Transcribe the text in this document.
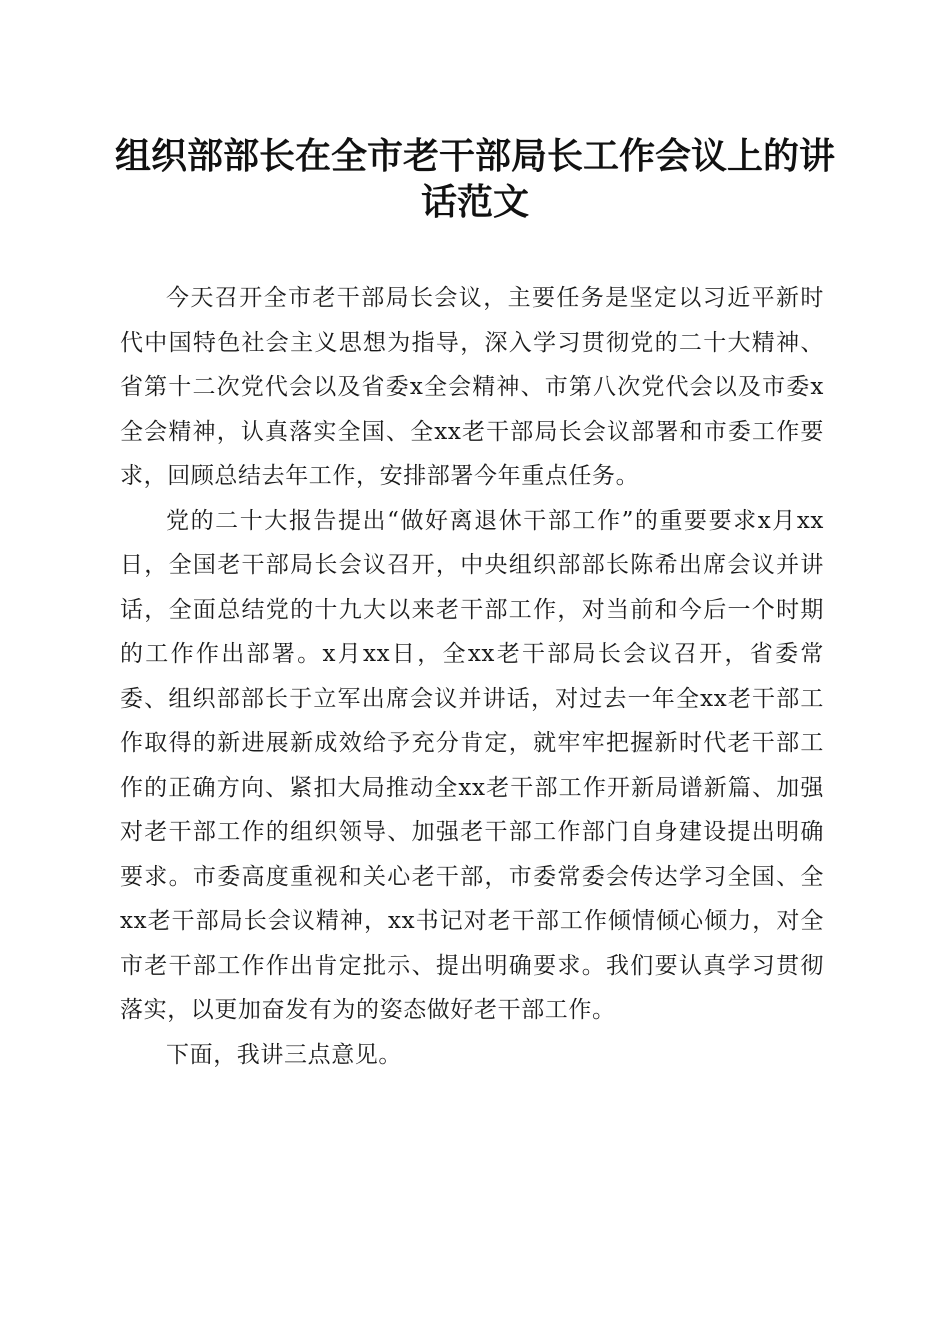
组织部部长在全市老干部局长工作会议上的讲话范文

今天召开全市老干部局长会议，主要任务是坚定以习近平新时代中国特色社会主义思想为指导，深入学习贯彻党的二十大精神、省第十二次党代会以及省委x全会精神、市第八次党代会以及市委x全会精神，认真落实全国、全xx老干部局长会议部署和市委工作要求，回顾总结去年工作，安排部署今年重点任务。

党的二十大报告提出“做好离退休干部工作”的重要要求x月xx日，全国老干部局长会议召开，中央组织部部长陈希出席会议并讲话，全面总结党的十九大以来老干部工作，对当前和今后一个时期的工作作出部署。x月xx日，全xx老干部局长会议召开，省委常委、组织部部长于立军出席会议并讲话，对过去一年全xx老干部工作取得的新进展新成效给予充分肯定，就牢牢把握新时代老干部工作的正确方向、紧扣大局推动全xx老干部工作开新局谱新篇、加强对老干部工作的组织领导、加强老干部工作部门自身建设提出明确要求。市委高度重视和关心老干部，市委常委会传达学习全国、全xx老干部局长会议精神，xx书记对老干部工作倾情倾心倾力，对全市老干部工作作出肯定批示、提出明确要求。我们要认真学习贯彻落实，以更加奋发有为的姿态做好老干部工作。

下面，我讲三点意见。
